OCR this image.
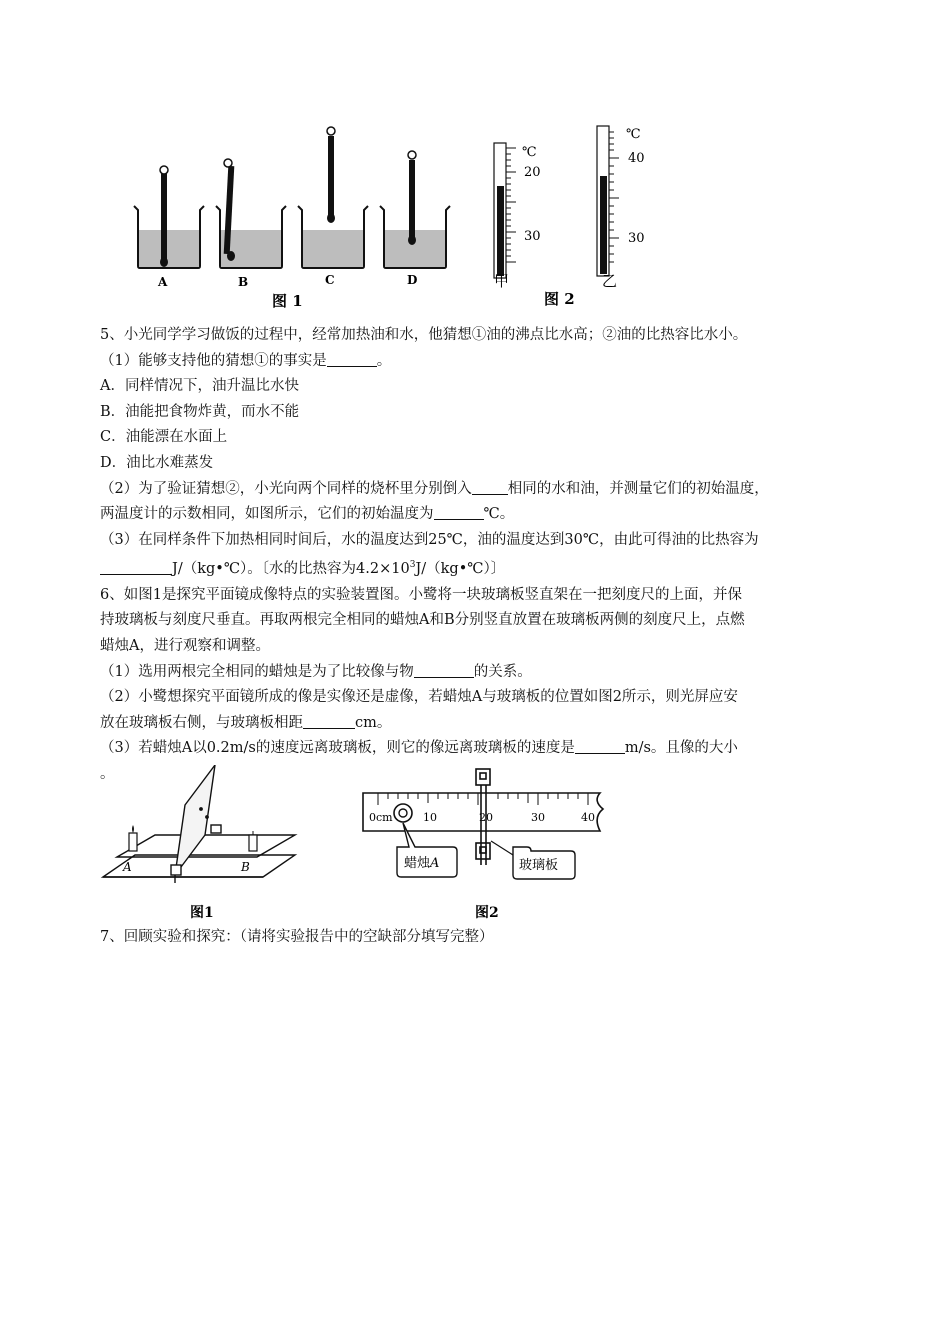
A	B	C	D
图 1
℃
20
30
甲
℃
40
30
乙
图 2

5、小光同学学习做饭的过程中，经常加热油和水，他猜想①油的沸点比水高；②油的比热容比水小。

（1）能够支持他的猜想①的事实是	。

A．同样情况下，油升温比水快

B．油能把食物炸黄，而水不能

C．油能漂在水面上

D．油比水难蒸发

（2）为了验证猜想②，小光向两个同样的烧杯里分别倒入 相同的水和油，并测量它们的初始温度，

两温度计的示数相同，如图所示，它们的初始温度为	℃。

（3）在同样条件下加热相同时间后，水的温度达到25℃，油的温度达到30℃，由此可得油的比热容为

J/（kg•℃）。〔水的比热容为$4.2\times 10^3J/(kg•℃)$〕

6、如图1是探究平面镜成像特点的实验装置图。小鹭将一块玻璃板竖直架在一把刻度尺的上面，并保

持玻璃板与刻度尺垂直。再取两根完全相同的蜡烛A和B分别竖直放置在玻璃板两侧的刻度尺上，点燃

蜡烛A，进行观察和调整。

（1）选用两根完全相同的蜡烛是为了比较像与物	的关系。

（2）小鹭想探究平面镜所成的像是实像还是虚像，若蜡烛A与玻璃板的位置如图2所示，则光屏应安

放在玻璃板右侧，与玻璃板相距	cm。

（3）若蜡烛A以0.2m/s的速度远离玻璃板，则它的像远离玻璃板的速度是	m/s。且像的大小

。

A	B
图1
0cm	10	20	30	40
蜡烛A	玻璃板
图2
7、回顾实验和探究：（请将实验报告中的空缺部分填写完整）
